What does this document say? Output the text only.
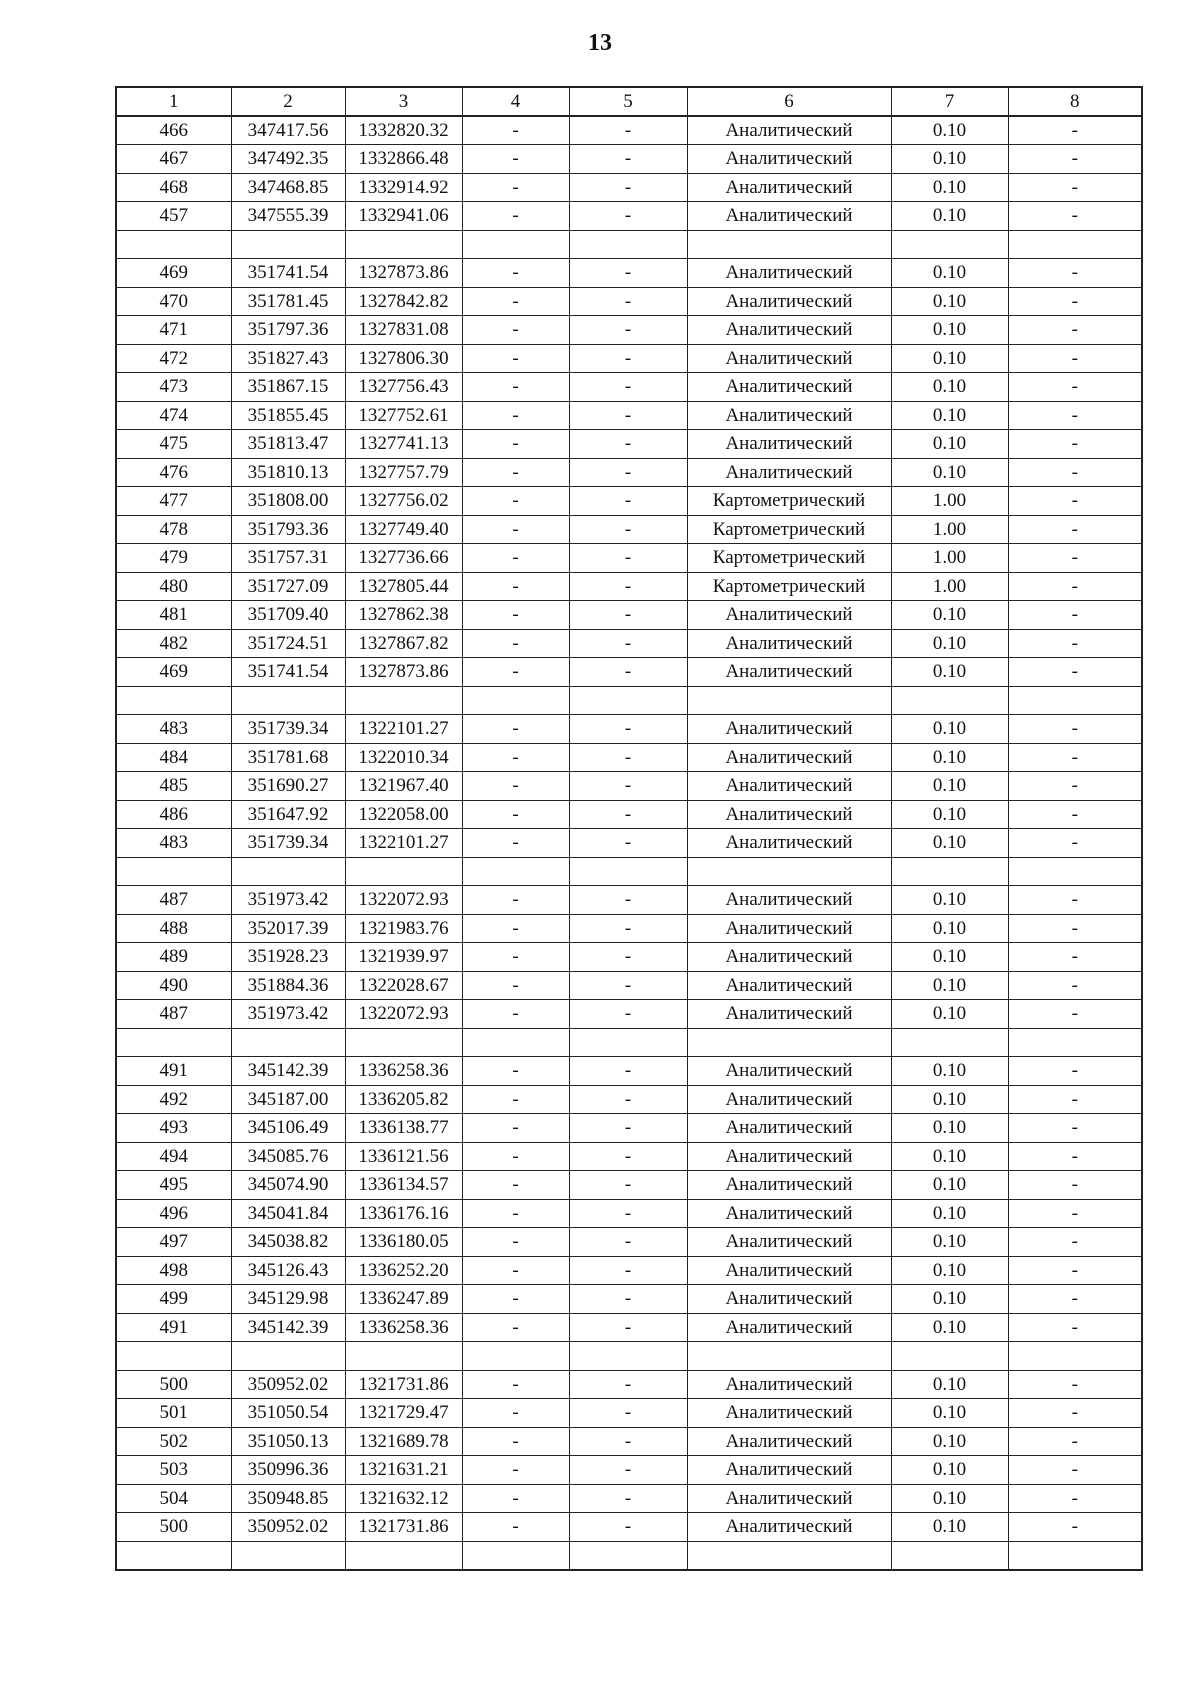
13
1	2	3	4	5	6	7	8
466	347417.56	1332820.32	-	-	Аналитический	0.10	-
467	347492.35	1332866.48	-	-	Аналитический	0.10	-
468	347468.85	1332914.92	-	-	Аналитический	0.10	-
457	347555.39	1332941.06	-	-	Аналитический	0.10	-

469	351741.54	1327873.86	-	-	Аналитический	0.10	-
470	351781.45	1327842.82	-	-	Аналитический	0.10	-
471	351797.36	1327831.08	-	-	Аналитический	0.10	-
472	351827.43	1327806.30	-	-	Аналитический	0.10	-
473	351867.15	1327756.43	-	-	Аналитический	0.10	-
474	351855.45	1327752.61	-	-	Аналитический	0.10	-
475	351813.47	1327741.13	-	-	Аналитический	0.10	-
476	351810.13	1327757.79	-	-	Аналитический	0.10	-
477	351808.00	1327756.02	-	-	Картометрический	1.00	-
478	351793.36	1327749.40	-	-	Картометрический	1.00	-
479	351757.31	1327736.66	-	-	Картометрический	1.00	-
480	351727.09	1327805.44	-	-	Картометрический	1.00	-
481	351709.40	1327862.38	-	-	Аналитический	0.10	-
482	351724.51	1327867.82	-	-	Аналитический	0.10	-
469	351741.54	1327873.86	-	-	Аналитический	0.10	-

483	351739.34	1322101.27	-	-	Аналитический	0.10	-
484	351781.68	1322010.34	-	-	Аналитический	0.10	-
485	351690.27	1321967.40	-	-	Аналитический	0.10	-
486	351647.92	1322058.00	-	-	Аналитический	0.10	-
483	351739.34	1322101.27	-	-	Аналитический	0.10	-

487	351973.42	1322072.93	-	-	Аналитический	0.10	-
488	352017.39	1321983.76	-	-	Аналитический	0.10	-
489	351928.23	1321939.97	-	-	Аналитический	0.10	-
490	351884.36	1322028.67	-	-	Аналитический	0.10	-
487	351973.42	1322072.93	-	-	Аналитический	0.10	-

491	345142.39	1336258.36	-	-	Аналитический	0.10	-
492	345187.00	1336205.82	-	-	Аналитический	0.10	-
493	345106.49	1336138.77	-	-	Аналитический	0.10	-
494	345085.76	1336121.56	-	-	Аналитический	0.10	-
495	345074.90	1336134.57	-	-	Аналитический	0.10	-
496	345041.84	1336176.16	-	-	Аналитический	0.10	-
497	345038.82	1336180.05	-	-	Аналитический	0.10	-
498	345126.43	1336252.20	-	-	Аналитический	0.10	-
499	345129.98	1336247.89	-	-	Аналитический	0.10	-
491	345142.39	1336258.36	-	-	Аналитический	0.10	-

500	350952.02	1321731.86	-	-	Аналитический	0.10	-
501	351050.54	1321729.47	-	-	Аналитический	0.10	-
502	351050.13	1321689.78	-	-	Аналитический	0.10	-
503	350996.36	1321631.21	-	-	Аналитический	0.10	-
504	350948.85	1321632.12	-	-	Аналитический	0.10	-
500	350952.02	1321731.86	-	-	Аналитический	0.10	-
